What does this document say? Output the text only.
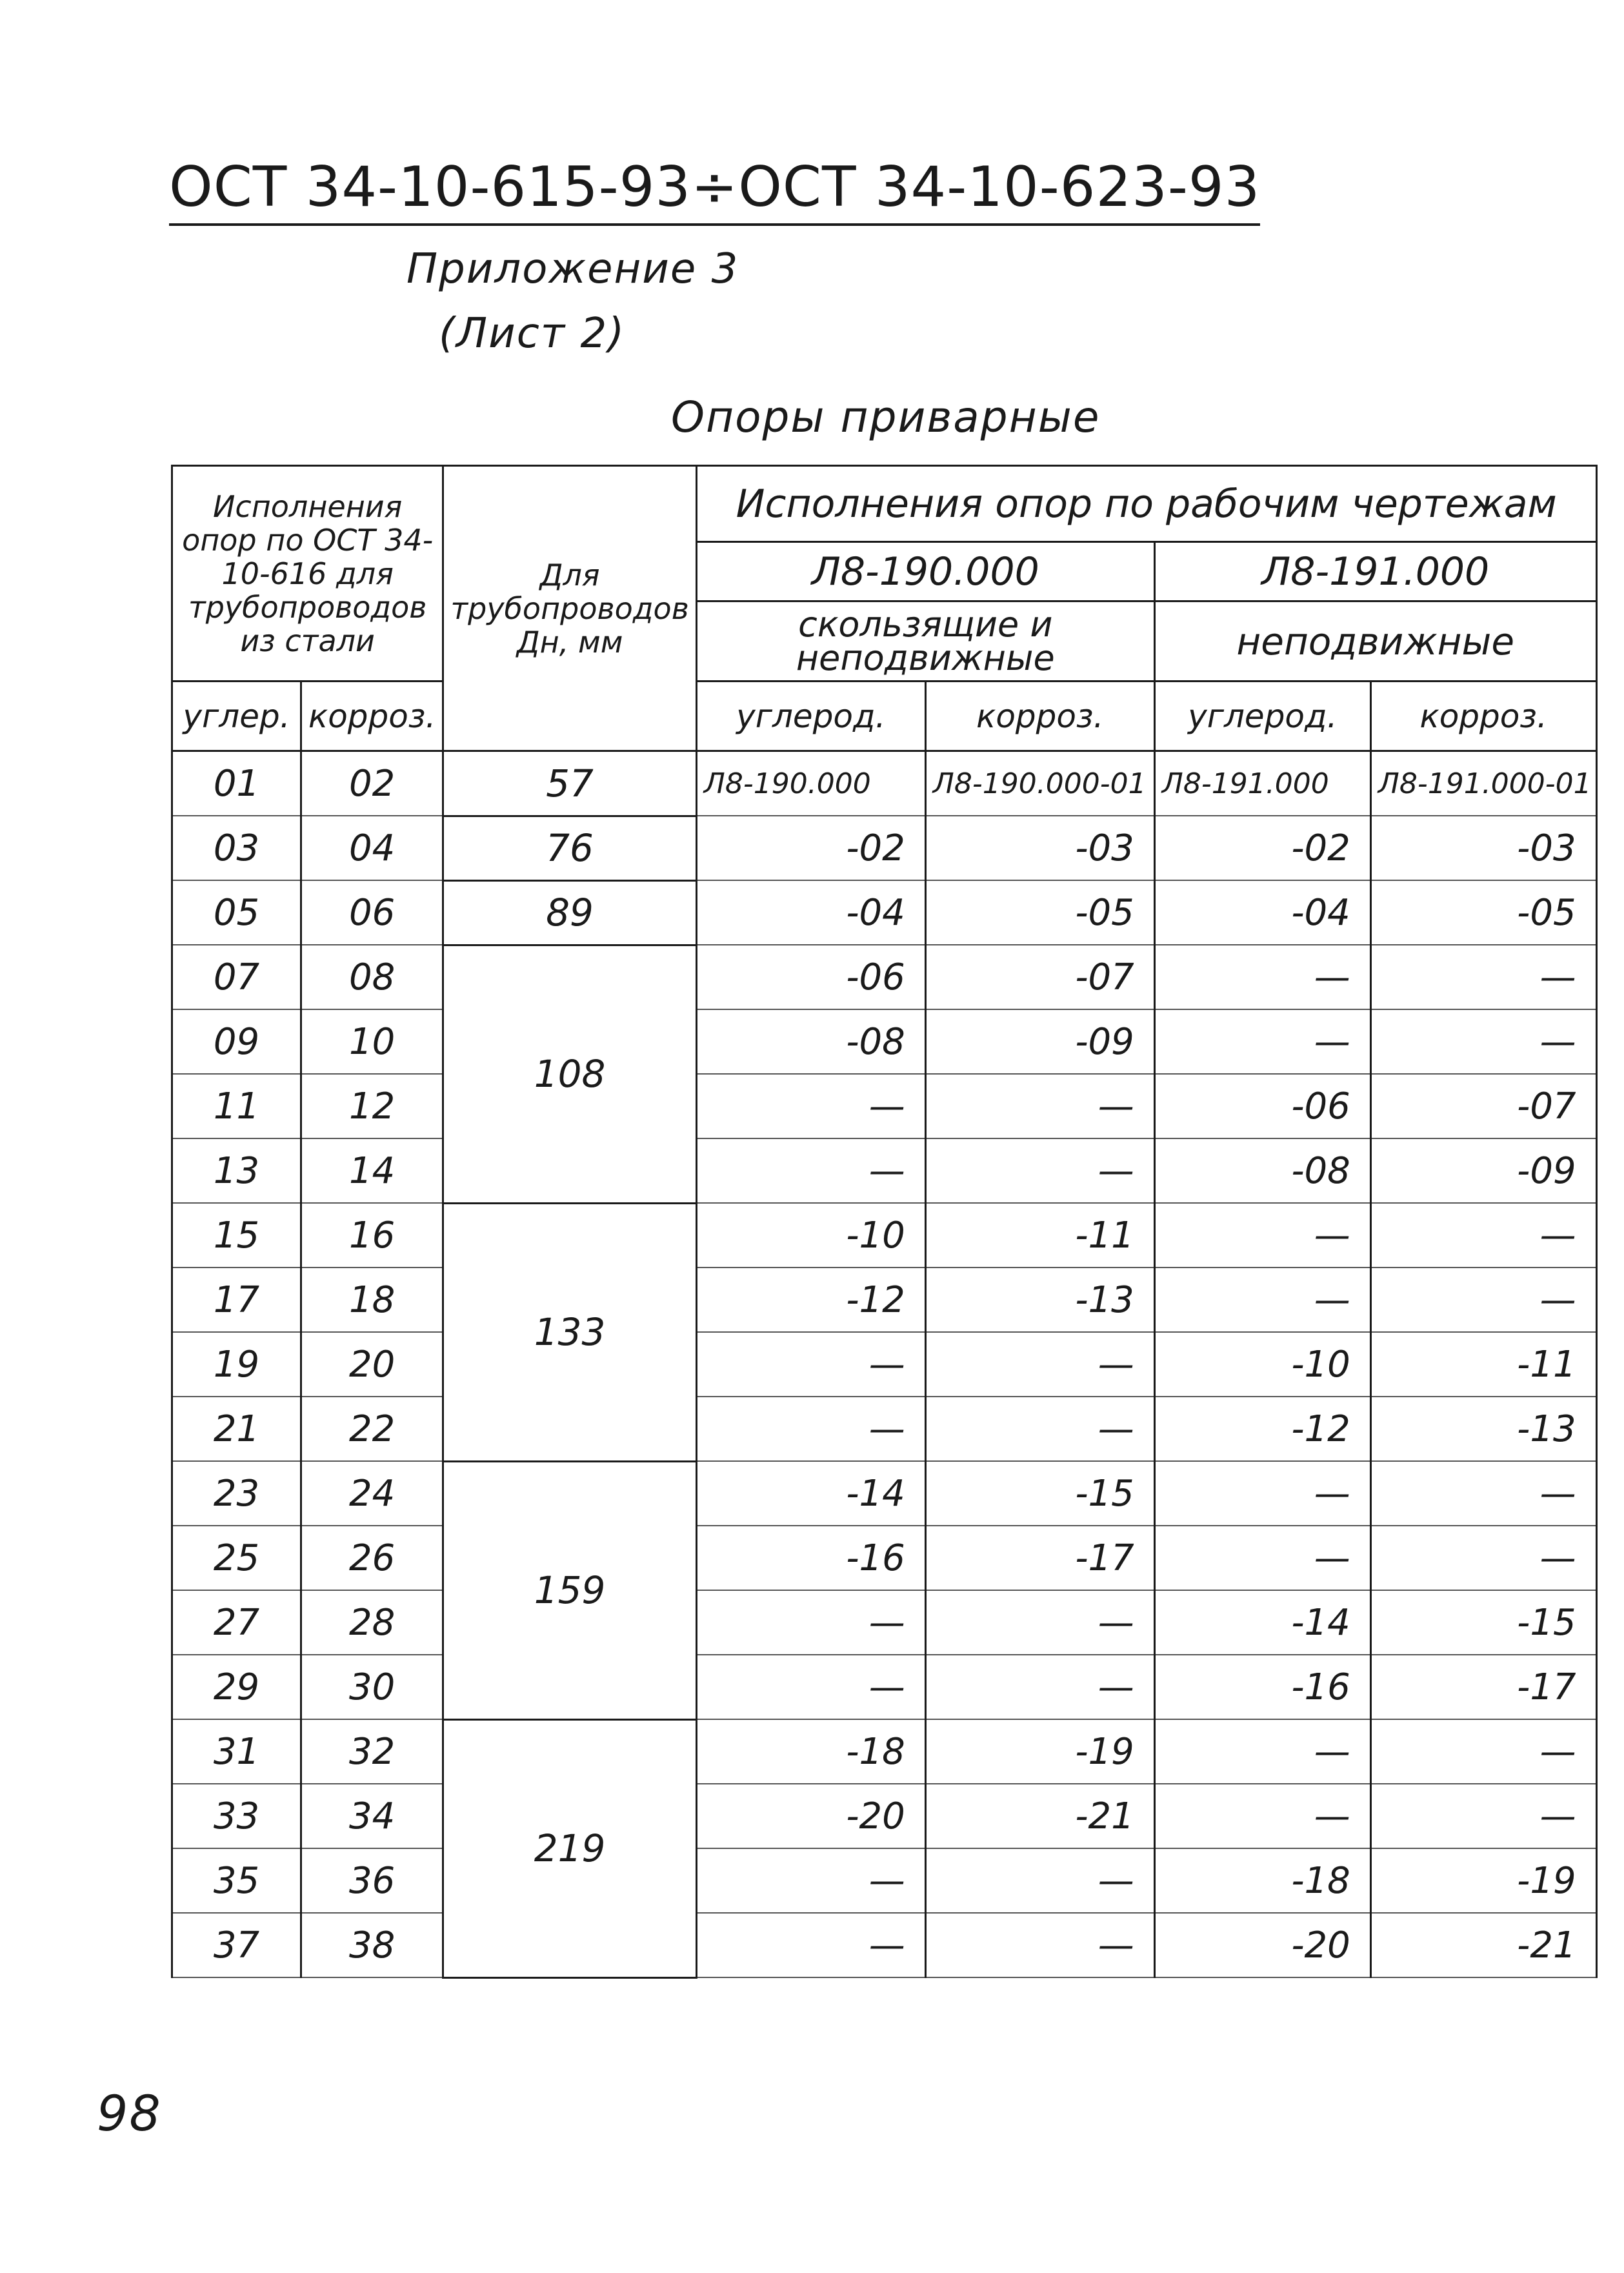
ОСТ 34-10-615-93÷ОСТ 34-10-623-93
Приложение 3
(Лист 2)
Опоры приварные
Исполнения опор по ОСТ 34-10-616 для трубопроводов из стали		Для трубопроводов Дн, мм	Исполнения опор по рабочим чертежам			
			Л8-190.000		Л8-191.000	
			скользящие и неподвижные		неподвижные	
углер.	корроз.		углерод.	корроз.	углерод.	корроз.
01	02	57	Л8-190.000	Л8-190.000-01	Л8-191.000	Л8-191.000-01
03	04	76	-02	-03	-02	-03
05	06	89	-04	-05	-04	-05
07	08	108	-06	-07	—	—
09	10		-08	-09	—	—
11	12		—	—	-06	-07
13	14		—	—	-08	-09
15	16	133	-10	-11	—	—
17	18		-12	-13	—	—
19	20		—	—	-10	-11
21	22		—	—	-12	-13
23	24	159	-14	-15	—	—
25	26		-16	-17	—	—
27	28		—	—	-14	-15
29	30		—	—	-16	-17
31	32	219	-18	-19	—	—
33	34		-20	-21	—	—
35	36		—	—	-18	-19
37	38		—	—	-20	-21
98
